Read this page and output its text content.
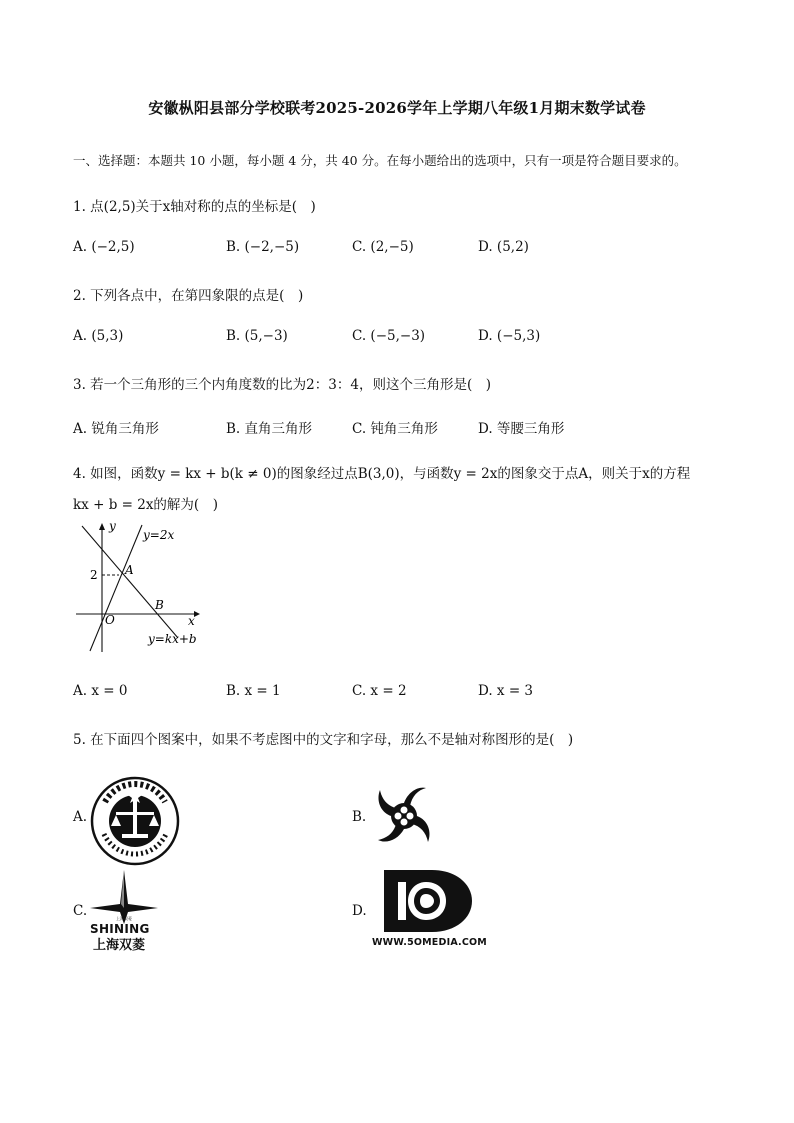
安徽枞阳县部分学校联考2025-2026学年上学期八年级1月期末数学试卷
一、选择题：本题共 10 小题，每小题 4 分，共 40 分。在每小题给出的选项中，只有一项是符合题目要求的。
1. 点(2,5)关于x轴对称的点的坐标是(　)
A. (−2,5)	B. (−2,−5)	C. (2,−5)	D. (5,2)
2. 下列各点中，在第四象限的点是(　)
A. (5,3)	B. (5,−3)	C. (−5,−3)	D. (−5,3)
3. 若一个三角形的三个内角度数的比为2：3：4，则这个三角形是(　)
A. 锐角三角形	B. 直角三角形	C. 钝角三角形	D. 等腰三角形
4. 如图，函数y = kx + b(k ≠ 0)的图象经过点B(3,0)，与函数y = 2x的图象交于点A，则关于x的方程
kx + b = 2x的解为(　)
y
x
O
y=2x
y=kx+b
A
B
2
A. x = 0	B. x = 1	C. x = 2	D. x = 3
5. 在下面四个图案中，如果不考虑图中的文字和字母，那么不是轴对称图形的是(　)
A.	B.
C.	上海双菱
SHINING
上海双菱
D.
WWW.5OMEDIA.COM
